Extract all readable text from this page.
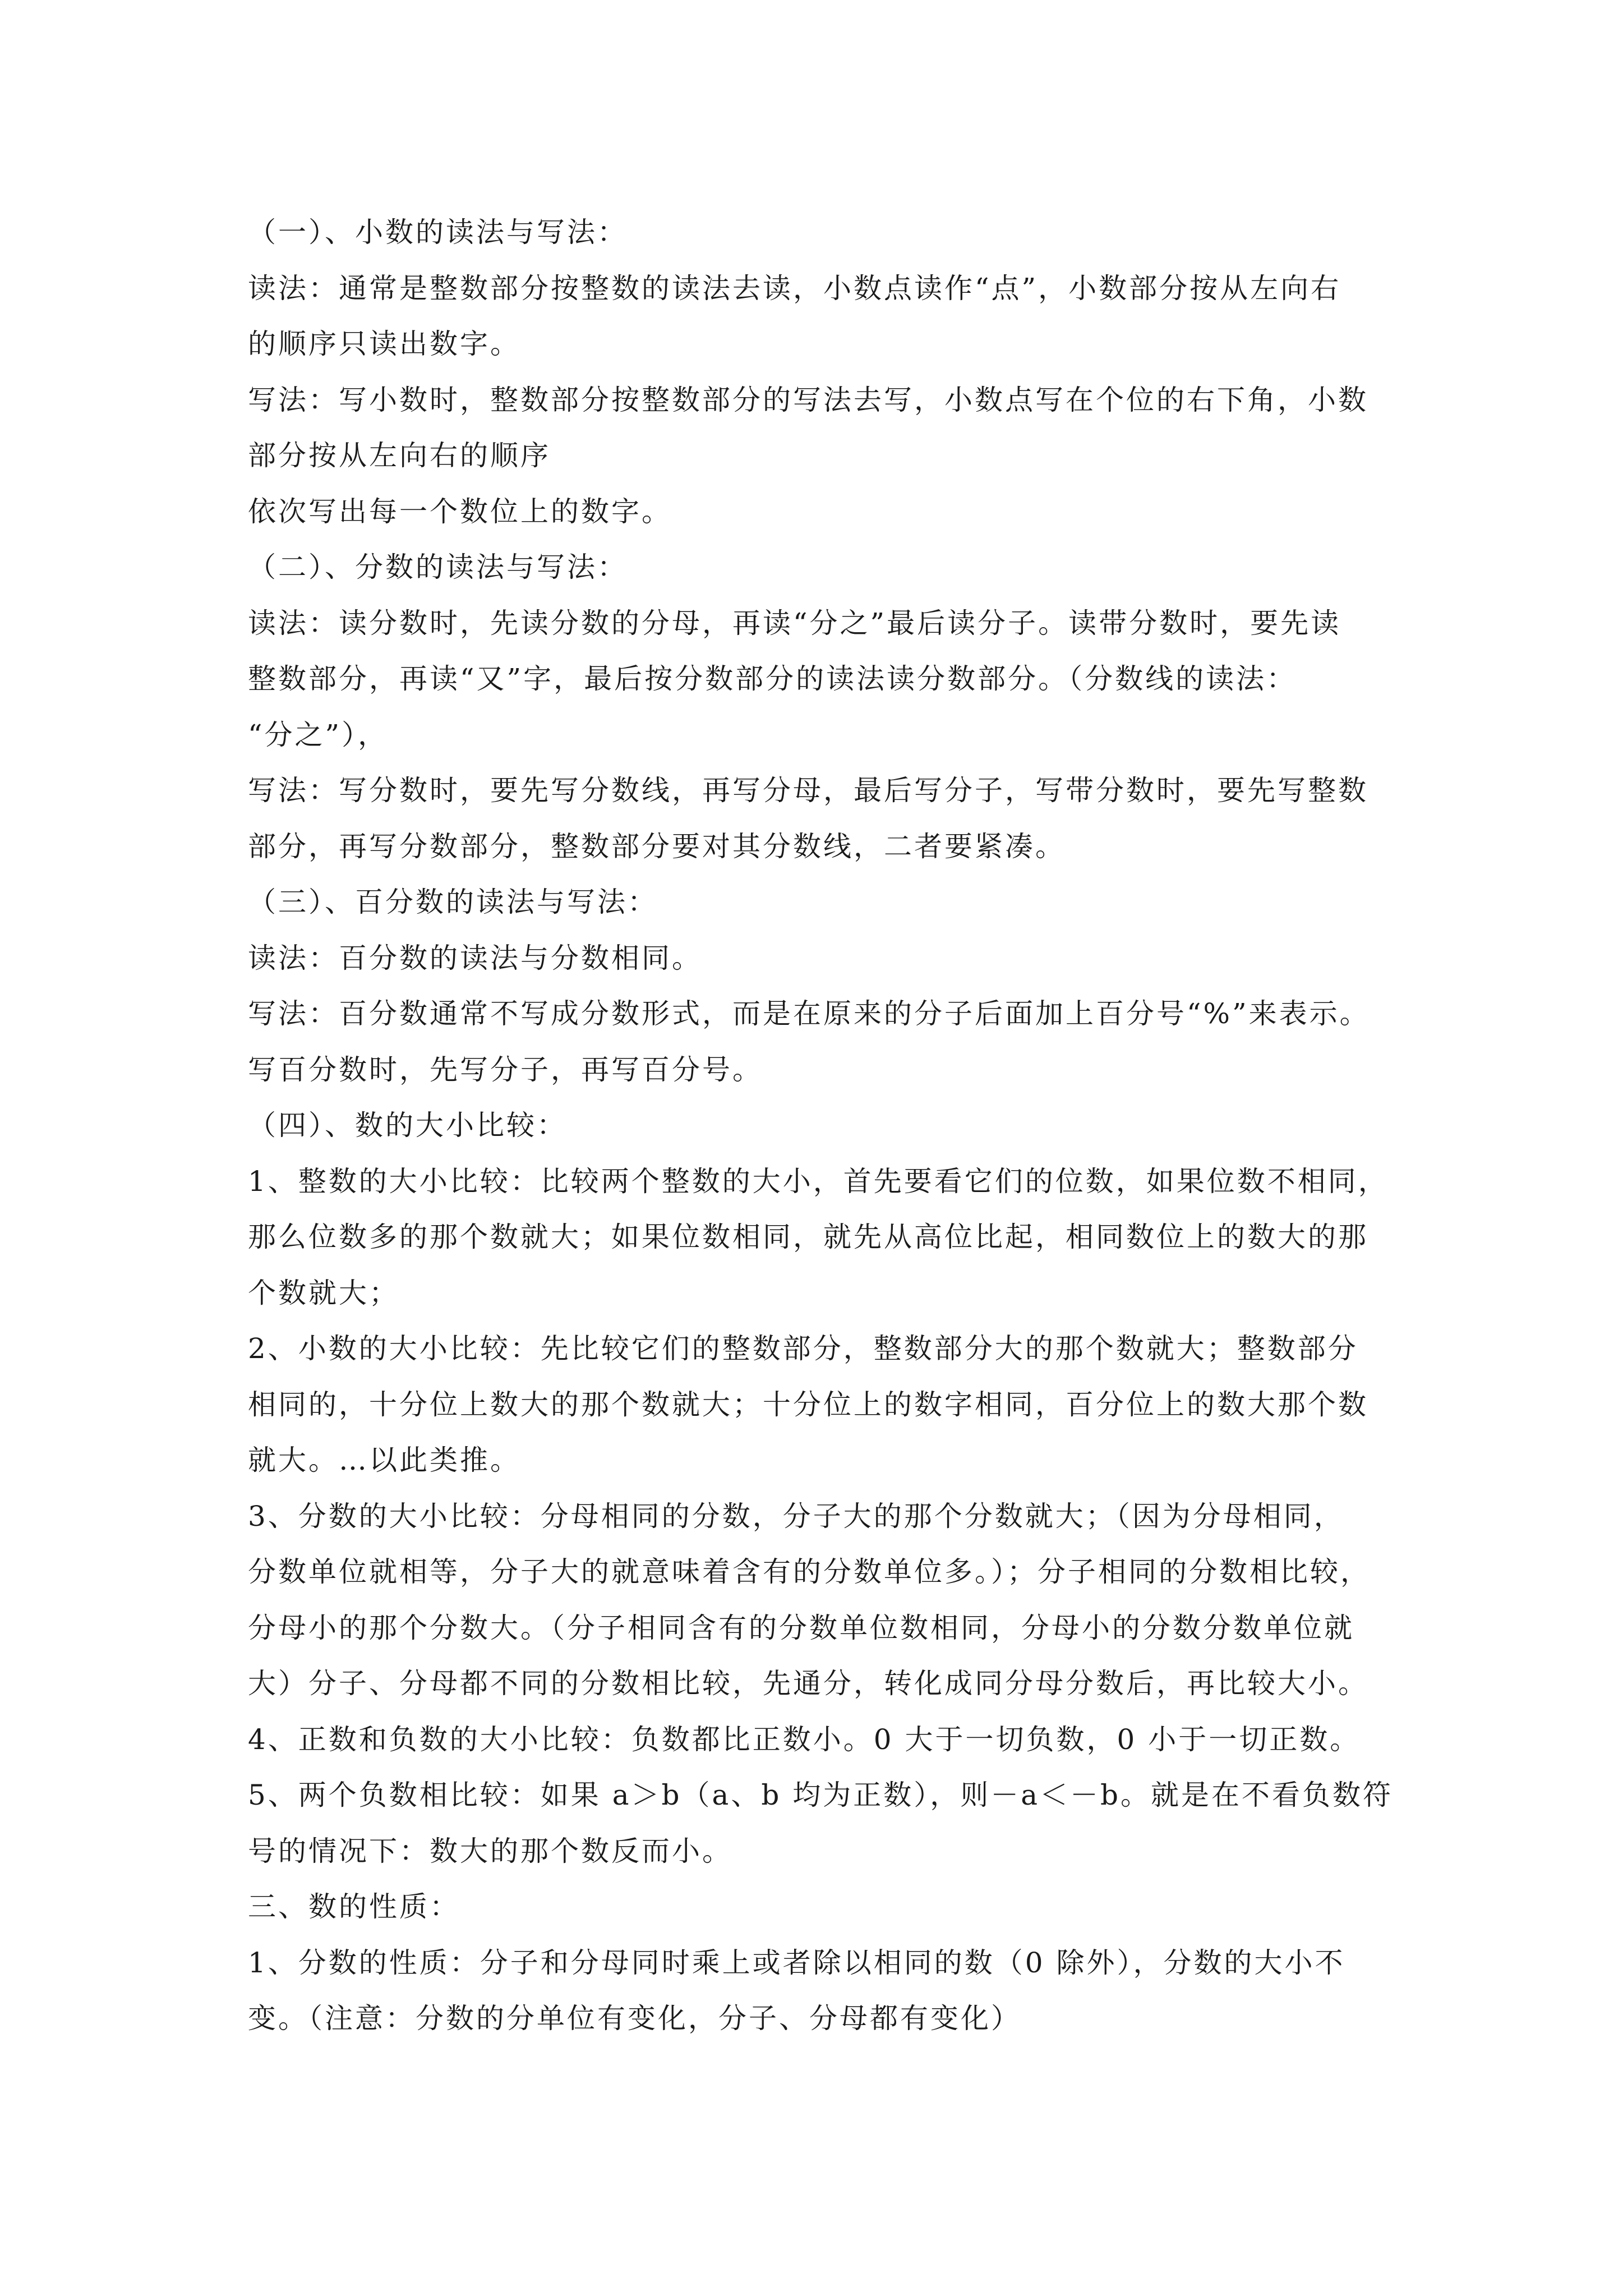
（一）、小数的读法与写法：
读法：通常是整数部分按整数的读法去读，小数点读作“点”，小数部分按从左向右
的顺序只读出数字。
写法：写小数时，整数部分按整数部分的写法去写，小数点写在个位的右下角，小数
部分按从左向右的顺序
依次写出每一个数位上的数字。
（二）、分数的读法与写法：
读法：读分数时，先读分数的分母，再读“分之”最后读分子。读带分数时，要先读
整数部分，再读“又”字，最后按分数部分的读法读分数部分。（分数线的读法：
“分之”），
写法：写分数时，要先写分数线，再写分母，最后写分子，写带分数时，要先写整数
部分，再写分数部分，整数部分要对其分数线，二者要紧凑。
（三）、百分数的读法与写法：
读法：百分数的读法与分数相同。
写法：百分数通常不写成分数形式，而是在原来的分子后面加上百分号“%”来表示。
写百分数时，先写分子，再写百分号。
（四）、数的大小比较：
1、整数的大小比较：比较两个整数的大小，首先要看它们的位数，如果位数不相同，
那么位数多的那个数就大；如果位数相同，就先从高位比起，相同数位上的数大的那
个数就大；
2、小数的大小比较：先比较它们的整数部分，整数部分大的那个数就大；整数部分
相同的，十分位上数大的那个数就大；十分位上的数字相同，百分位上的数大那个数
就大。…以此类推。
3、分数的大小比较：分母相同的分数，分子大的那个分数就大；（因为分母相同，
分数单位就相等，分子大的就意味着含有的分数单位多。）；分子相同的分数相比较，
分母小的那个分数大。（分子相同含有的分数单位数相同，分母小的分数分数单位就
大）分子、分母都不同的分数相比较，先通分，转化成同分母分数后，再比较大小。
4、正数和负数的大小比较：负数都比正数小。0 大于一切负数，0 小于一切正数。
5、两个负数相比较：如果 a＞b（a、b 均为正数），则－a＜－b。就是在不看负数符
号的情况下：数大的那个数反而小。
三、数的性质：
1、分数的性质：分子和分母同时乘上或者除以相同的数（0 除外），分数的大小不
变。（注意：分数的分单位有变化，分子、分母都有变化）
